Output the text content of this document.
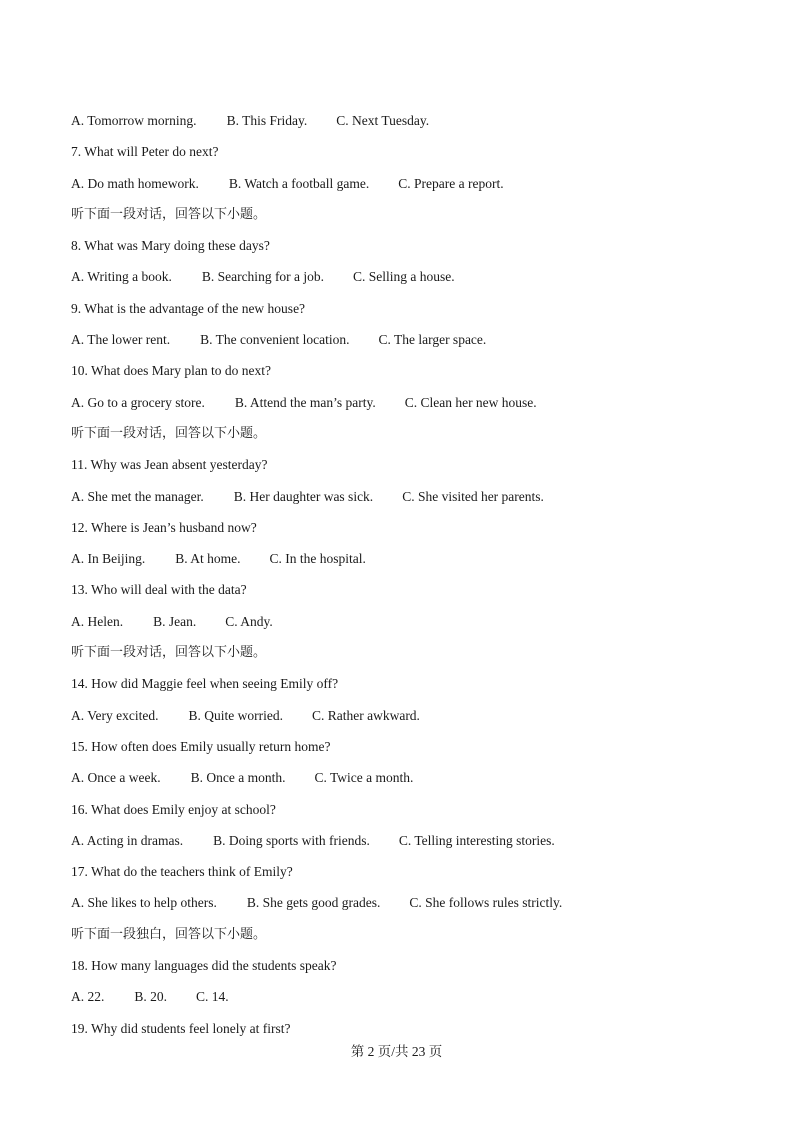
A. Tomorrow morning. B. This Friday. C. Next Tuesday.
7. What will Peter do next?
A. Do math homework. B. Watch a football game. C. Prepare a report.
听下面一段对话，回答以下小题。
8. What was Mary doing these days?
A. Writing a book. B. Searching for a job. C. Selling a house.
9. What is the advantage of the new house?
A. The lower rent. B. The convenient location. C. The larger space.
10. What does Mary plan to do next?
A. Go to a grocery store. B. Attend the man’s party. C. Clean her new house.
听下面一段对话，回答以下小题。
11. Why was Jean absent yesterday?
A. She met the manager. B. Her daughter was sick. C. She visited her parents.
12. Where is Jean’s husband now?
A. In Beijing. B. At home. C. In the hospital.
13. Who will deal with the data?
A. Helen. B. Jean. C. Andy.
听下面一段对话，回答以下小题。
14. How did Maggie feel when seeing Emily off?
A. Very excited. B. Quite worried. C. Rather awkward.
15. How often does Emily usually return home?
A. Once a week. B. Once a month. C. Twice a month.
16. What does Emily enjoy at school?
A. Acting in dramas. B. Doing sports with friends. C. Telling interesting stories.
17. What do the teachers think of Emily?
A. She likes to help others. B. She gets good grades. C. She follows rules strictly.
听下面一段独白，回答以下小题。
18. How many languages did the students speak?
A. 22. B. 20. C. 14.
19. Why did students feel lonely at first?
第 2 页/共 23 页
